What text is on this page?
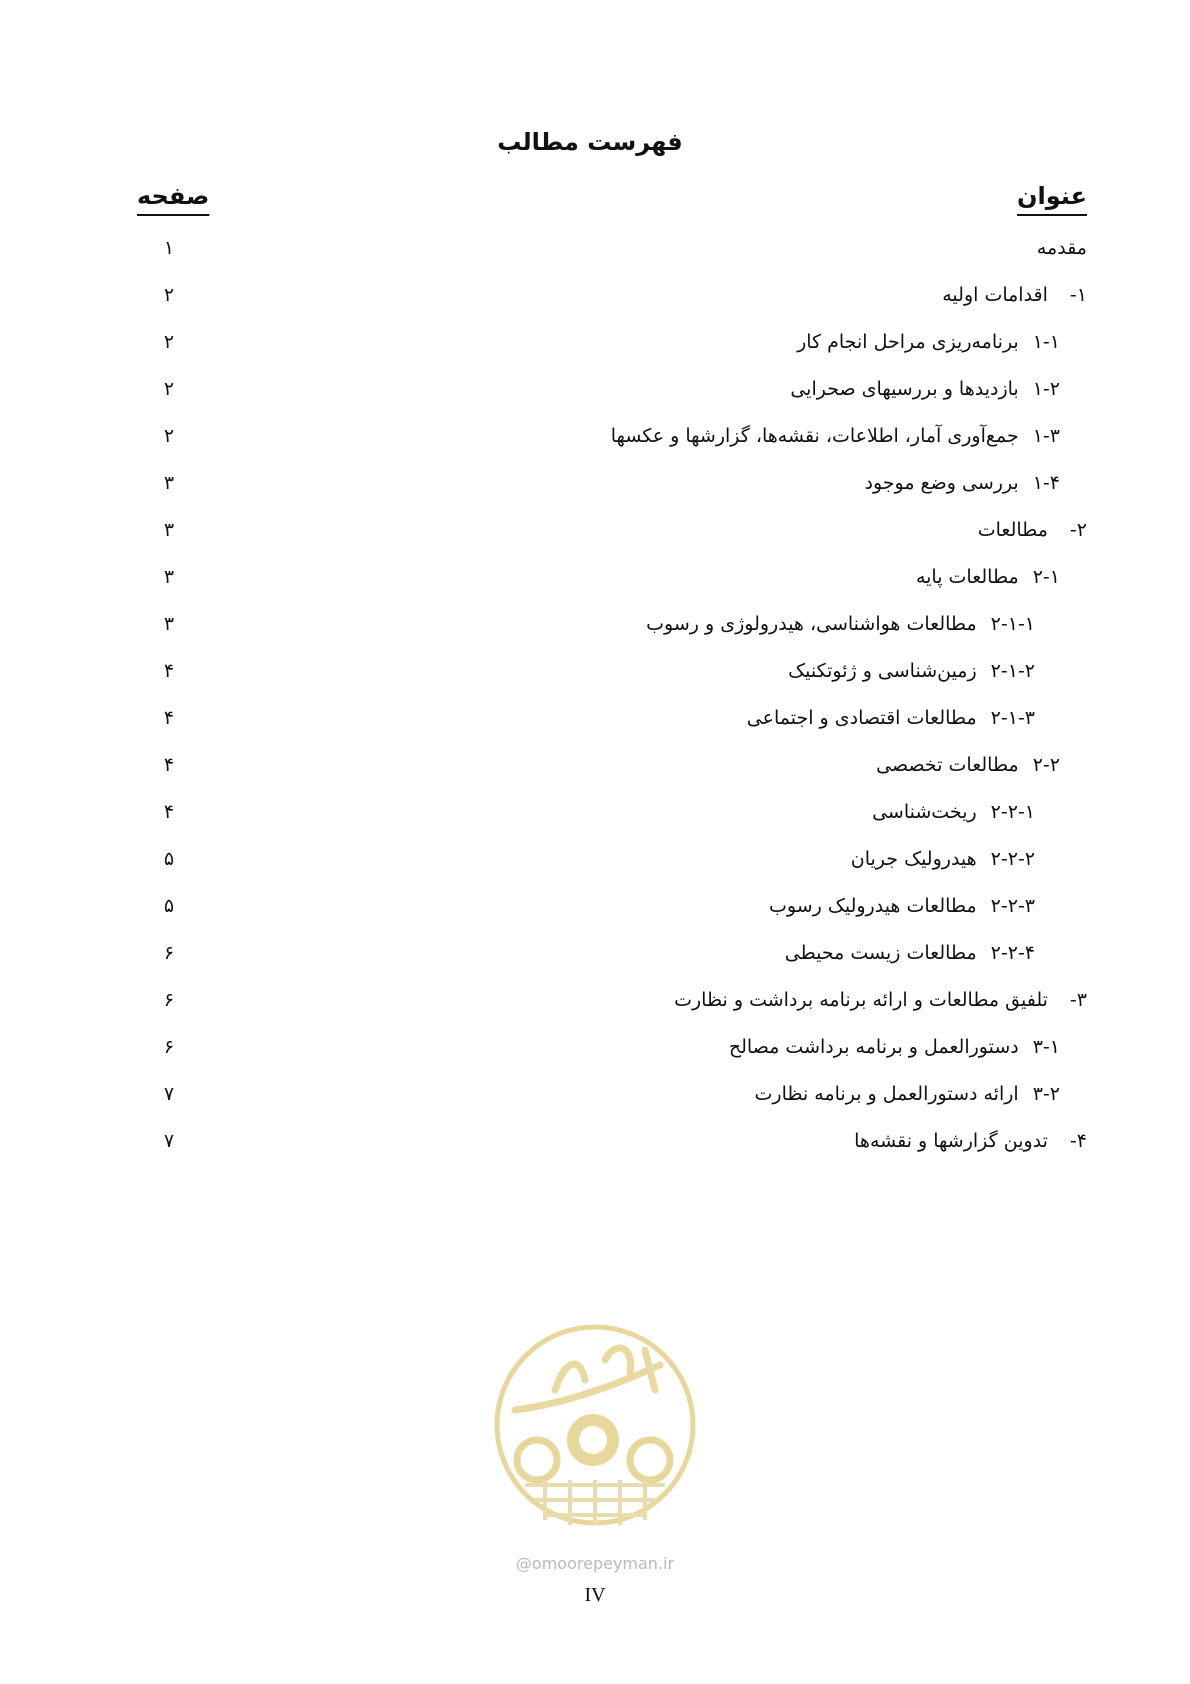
فهرست مطالب
عنوان
صفحه
مقدمه
۱
۱-اقدامات اولیه
۲
۱-۱برنامه‌ریزی مراحل انجام کار
۲
۱-۲بازدیدها و بررسیهای صحرایی
۲
۱-۳جمع‌آوری آمار، اطلاعات، نقشه‌ها، گزارشها و عکسها
۲
۱-۴بررسی وضع موجود
۳
۲-مطالعات
۳
۲-۱مطالعات پایه
۳
۲-۱-۱مطالعات هواشناسی، هیدرولوژی و رسوب
۳
۲-۱-۲زمین‌شناسی و ژئوتکنیک
۴
۲-۱-۳مطالعات اقتصادی و اجتماعی
۴
۲-۲مطالعات تخصصی
۴
۲-۲-۱ریخت‌شناسی
۴
۲-۲-۲هیدرولیک جریان
۵
۲-۲-۳مطالعات هیدرولیک رسوب
۵
۲-۲-۴مطالعات زیست محیطی
۶
۳-تلفیق مطالعات و ارائه برنامه برداشت و نظارت
۶
۳-۱دستورالعمل و برنامه برداشت مصالح
۶
۳-۲ارائه دستورالعمل و برنامه نظارت
۷
۴-تدوین گزارشها و نقشه‌ها
۷
@omoorepeyman.ir
IV
